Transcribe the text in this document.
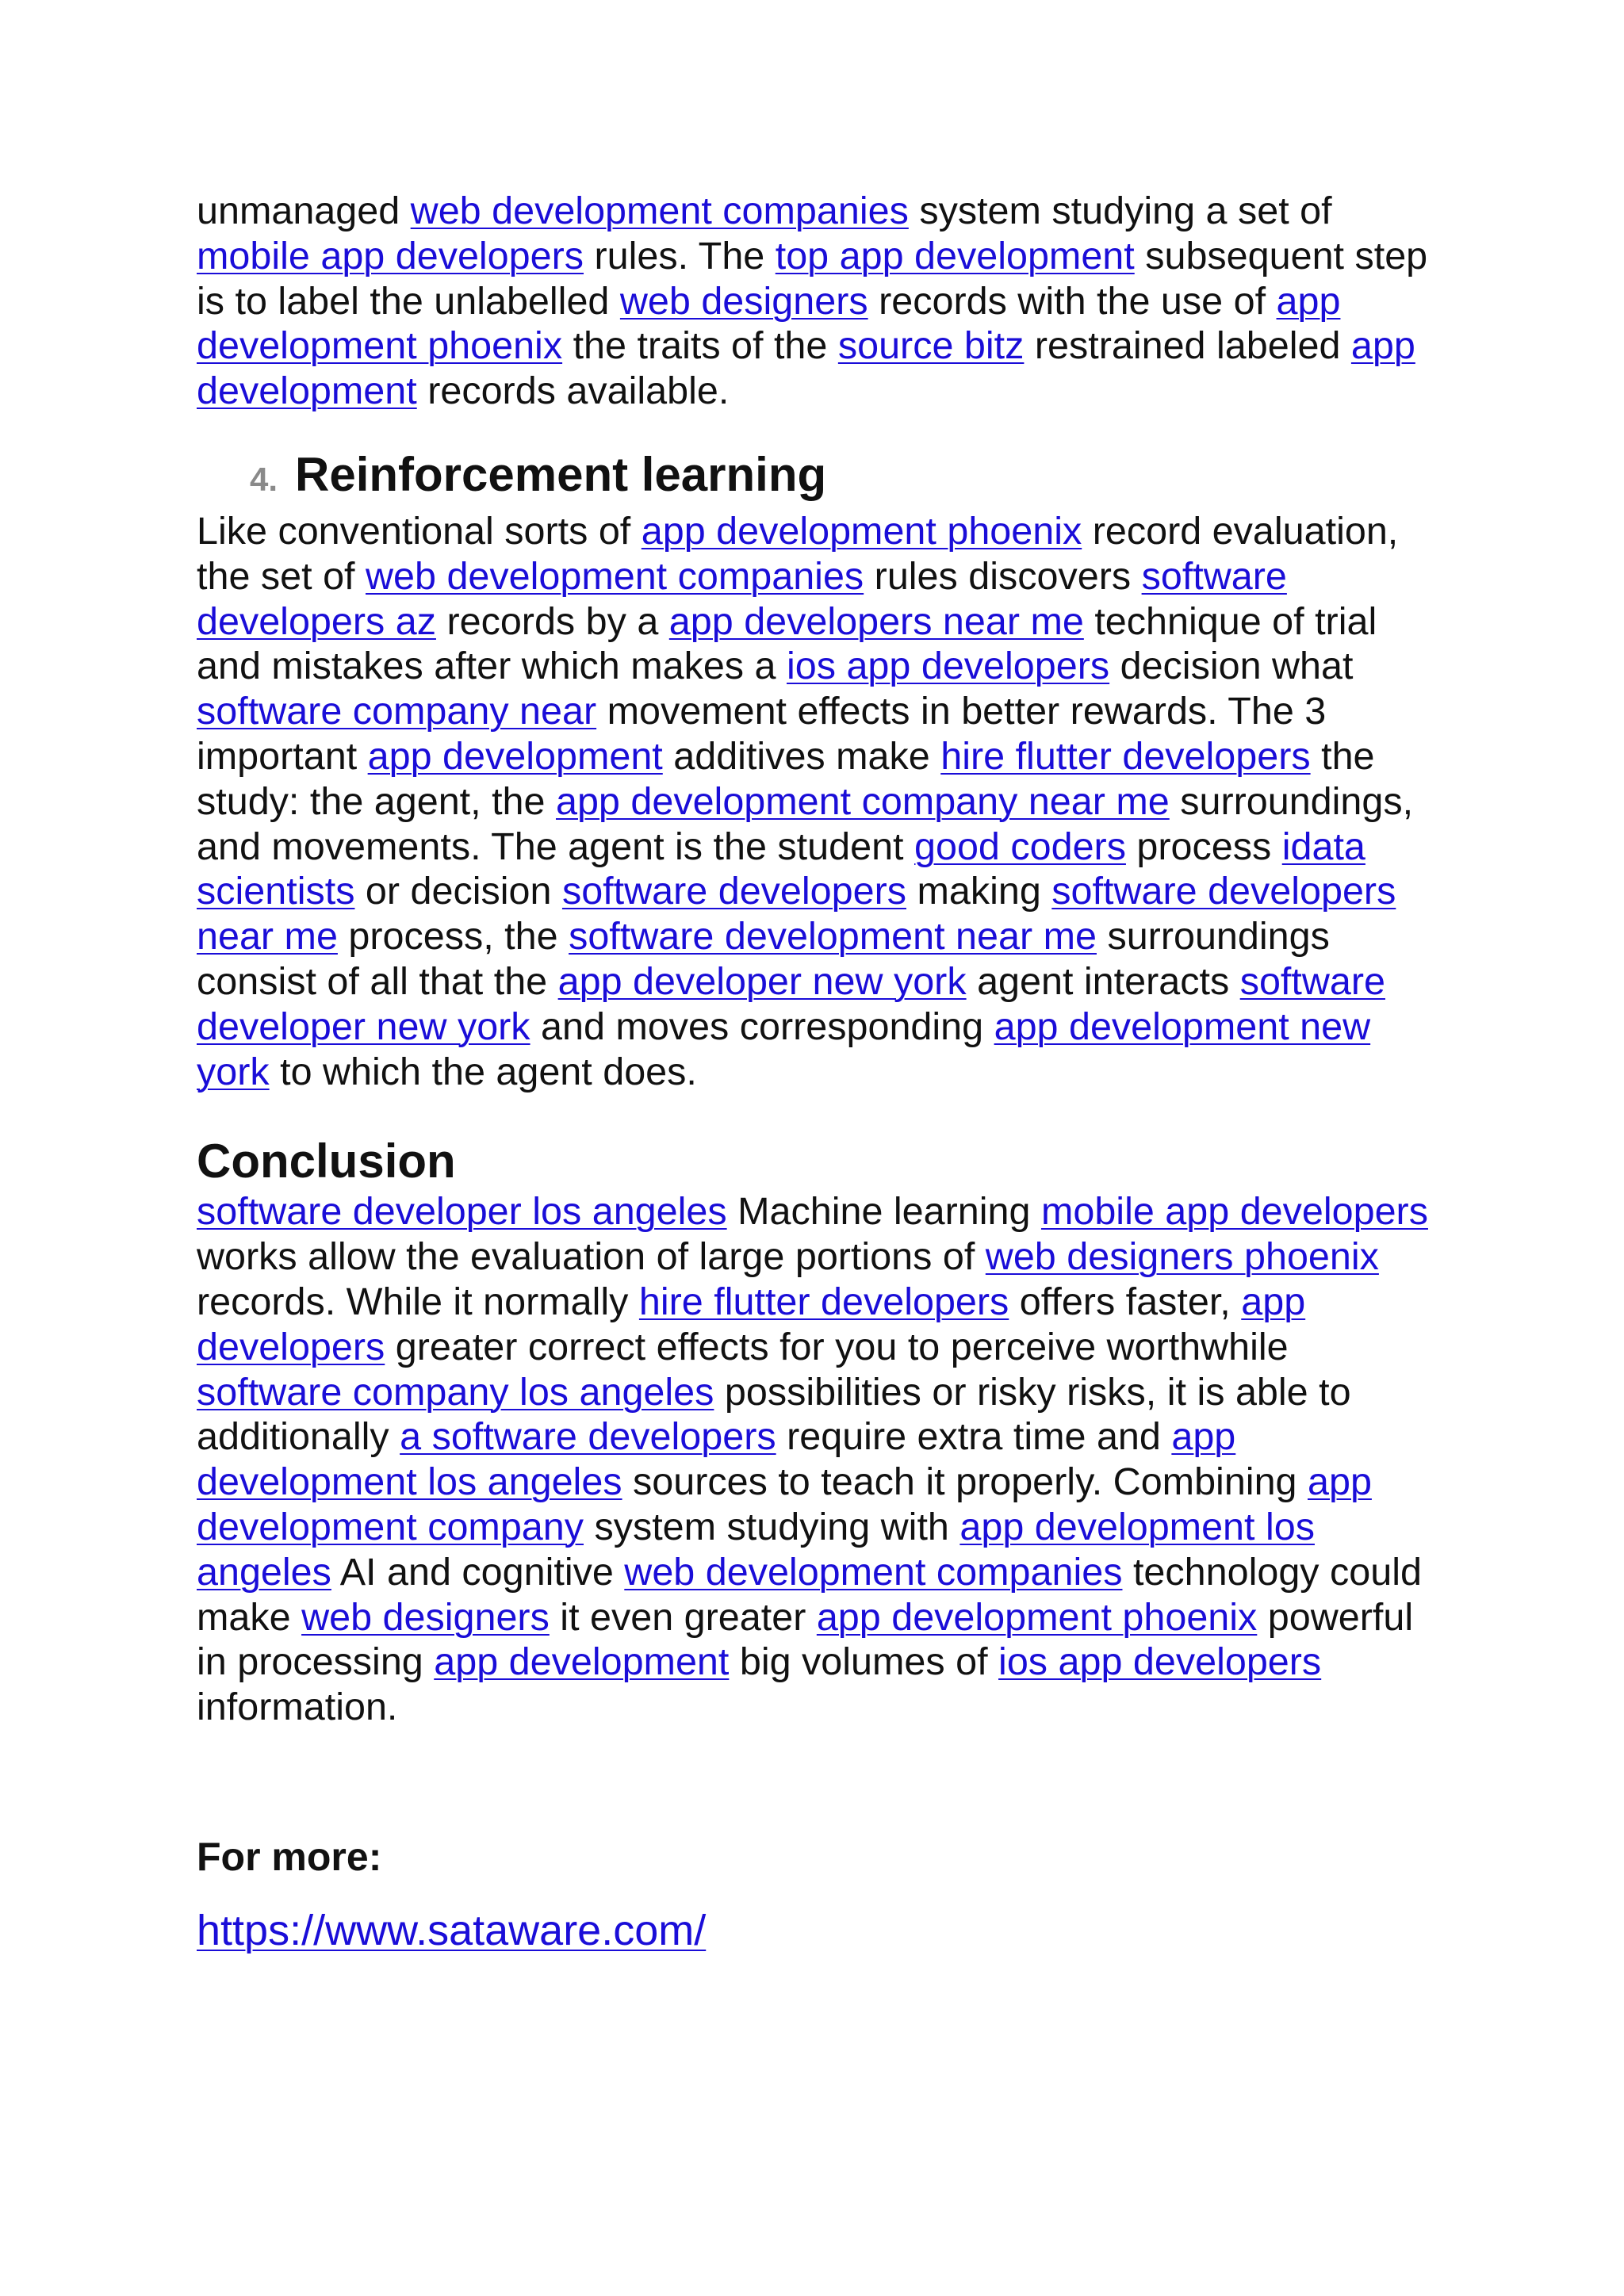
unmanaged web development companies system studying a set of mobile app developers rules. The top app development subsequent step is to label the unlabelled web designers records with the use of app development phoenix the traits of the source bitz restrained labeled app development records available.

4. Reinforcement learning

Like conventional sorts of app development phoenix record evaluation, the set of web development companies rules discovers software developers az records by a app developers near me technique of trial and mistakes after which makes a ios app developers decision what software company near movement effects in better rewards. The 3 important app development additives make hire flutter developers the study: the agent, the app development company near me surroundings, and movements. The agent is the student good coders process idata scientists or decision software developers making software developers near me process, the software development near me surroundings consist of all that the app developer new york agent interacts software developer new york and moves corresponding app development new york to which the agent does.

Conclusion

software developer los angeles Machine learning mobile app developers works allow the evaluation of large portions of web designers phoenix records. While it normally hire flutter developers offers faster, app developers greater correct effects for you to perceive worthwhile software company los angeles possibilities or risky risks, it is able to additionally a software developers require extra time and app development los angeles sources to teach it properly. Combining app development company system studying with app development los angeles AI and cognitive web development companies technology could make web designers it even greater app development phoenix powerful in processing app development big volumes of ios app developers information.

For more:
https://www.sataware.com/
